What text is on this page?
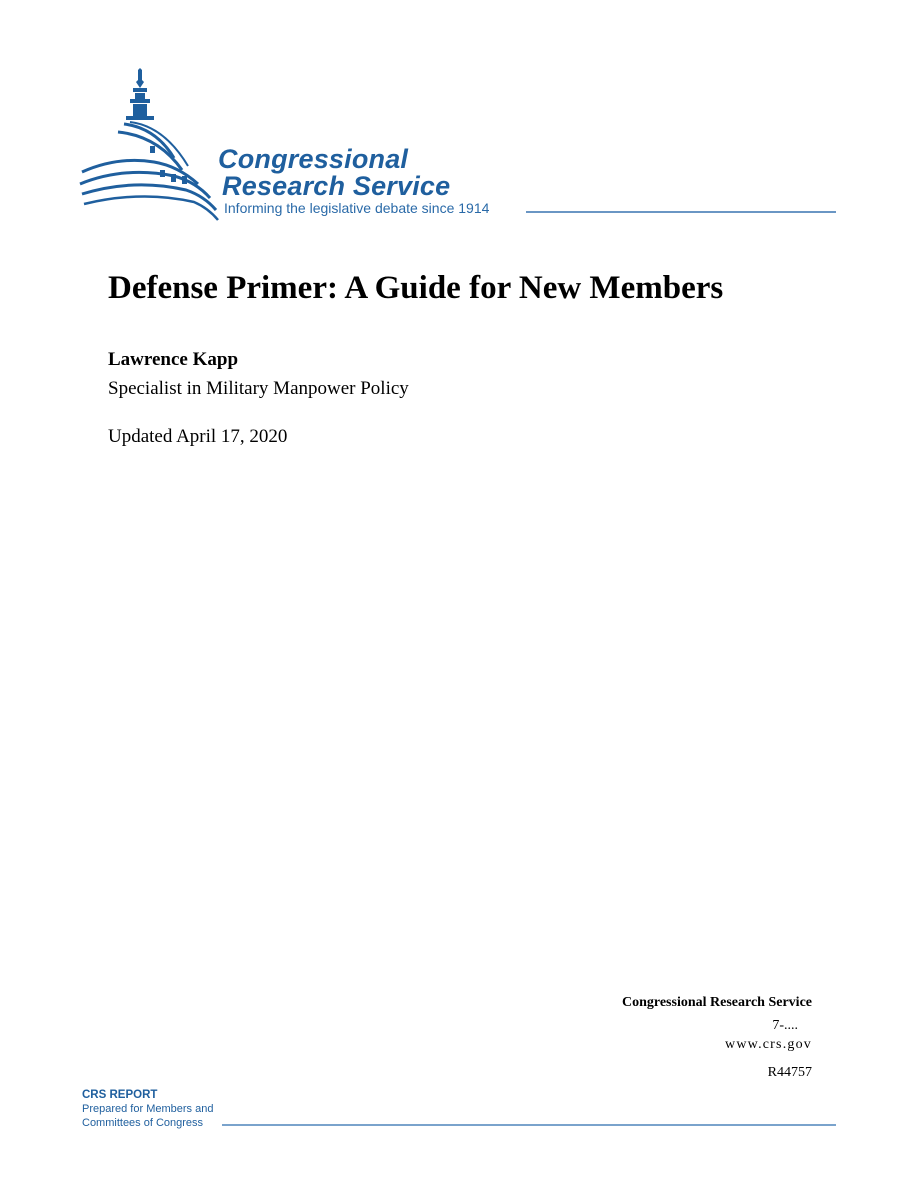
Congressional
Research Service
Informing the legislative debate since 1914
Defense Primer: A Guide for New Members
Lawrence Kapp
Specialist in Military Manpower Policy
Updated April 17, 2020
Congressional Research Service
7-....
www.crs.gov
R44757
CRS REPORT
Prepared for Members and
Committees of Congress
